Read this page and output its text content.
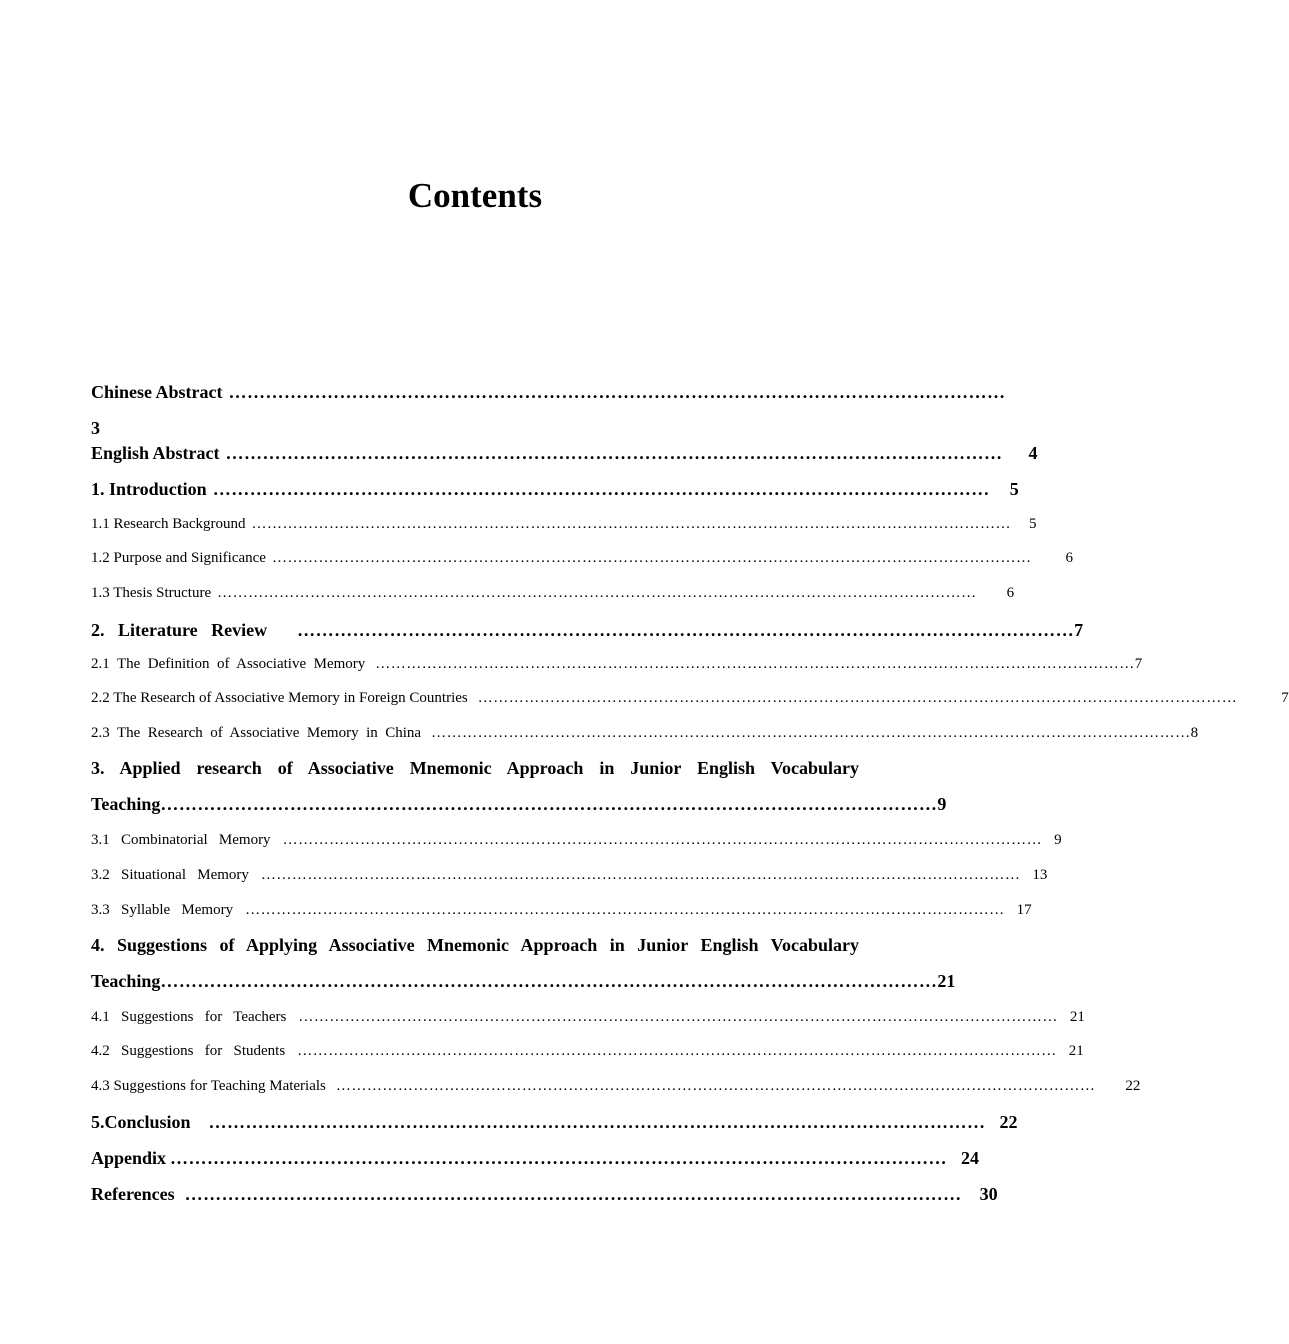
Contents
Chinese Abstract ………………………………………………………………………………………………………………
3
English Abstract ………………………………………………………………………………………………………………	4
1. Introduction ………………………………………………………………………………………………………………	5
1.1 Research Background …………………………………………………………………………………………………………………………………	5
1.2 Purpose and Significance ………………………………………………………………………………………………………………………………… 6
1.3 Thesis Structure ………………………………………………………………………………………………………………………………… 6
2.   Literature   Review ……………………………………………………………………………………………………………… 7
2.1  The  Definition  of  Associative  Memory ………………………………………………………………………………………………………………………………… 7
2.2 The Research of Associative Memory in Foreign Countries …………………………………………………………………………………………………………………………………	7
2.3  The  Research  of  Associative  Memory  in  China ………………………………………………………………………………………………………………………………… 8
3.  Applied  research  of  Associative  Mnemonic  Approach  in  Junior  English  Vocabulary
Teaching ……………………………………………………………………………………………………………… 9
3.1   Combinatorial   Memory ………………………………………………………………………………………………………………………………… 9
3.2   Situational   Memory ………………………………………………………………………………………………………………………………… 13
3.3   Syllable   Memory ………………………………………………………………………………………………………………………………… 17
4.  Suggestions  of  Applying  Associative  Mnemonic  Approach  in  Junior  English  Vocabulary
Teaching ……………………………………………………………………………………………………………… 21
4.1   Suggestions   for   Teachers ………………………………………………………………………………………………………………………………… 21
4.2   Suggestions   for   Students ………………………………………………………………………………………………………………………………… 21
4.3 Suggestions for Teaching Materials ………………………………………………………………………………………………………………………………… 22
5.Conclusion ……………………………………………………………………………………………………………… 22
Appendix ……………………………………………………………………………………………………………… 24
References ……………………………………………………………………………………………………………… 30
